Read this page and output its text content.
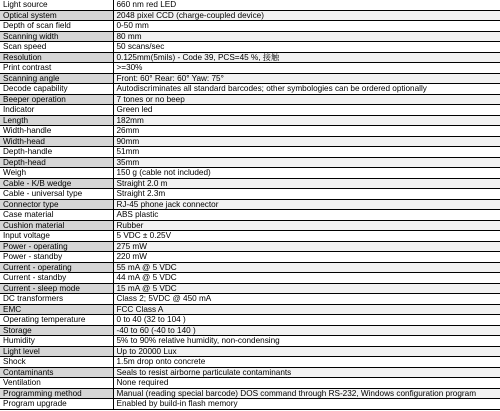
Light source	660 nm red LED
Optical system	2048 pixel CCD (charge-coupled device)
Depth of scan field	0-50 mm
Scanning width	80 mm
Scan speed	50 scans/sec
Resolution	0.125mm(5mils) - Code 39, PCS=45 %, 接触
Print contrast	>=30%
Scanning angle	Front: 60° Rear: 60° Yaw: 75°
Decode capability	Autodiscriminates all standard barcodes; other symbologies can be ordered optionally
Beeper operation	7 tones or no beep
Indicator	Green led
Length	182mm
Width-handle	26mm
Width-head	90mm
Depth-handle	51mm
Depth-head	35mm
Weigh	150 g (cable not included)
Cable - K/B wedge	Straight 2.0 m
Cable - universal type	Straight 2.3m
Connector type	RJ-45 phone jack connector
Case material	ABS plastic
Cushion material	Rubber
Input voltage	5 VDC ± 0.25V
Power - operating	275 mW
Power - standby	220 mW
Current - operating	55 mA @ 5 VDC
Current - standby	44 mA @ 5 VDC
Current - sleep mode	15 mA @ 5 VDC
DC transformers	Class 2; 5VDC @ 450 mA
EMC	FCC Class A
Operating temperature	0 to 40 (32 to 104 )
Storage	-40 to 60 (-40 to 140 )
Humidity	5% to 90% relative humidity, non-condensing
Light level	Up to 20000 Lux
Shock	1.5m drop onto concrete
Contaminants	Seals to resist airborne particulate contaminants
Ventilation	None required
Programming method	Manual (reading special barcode) DOS command through RS-232, Windows configuration program
Program upgrade	Enabled by build-in flash memory
